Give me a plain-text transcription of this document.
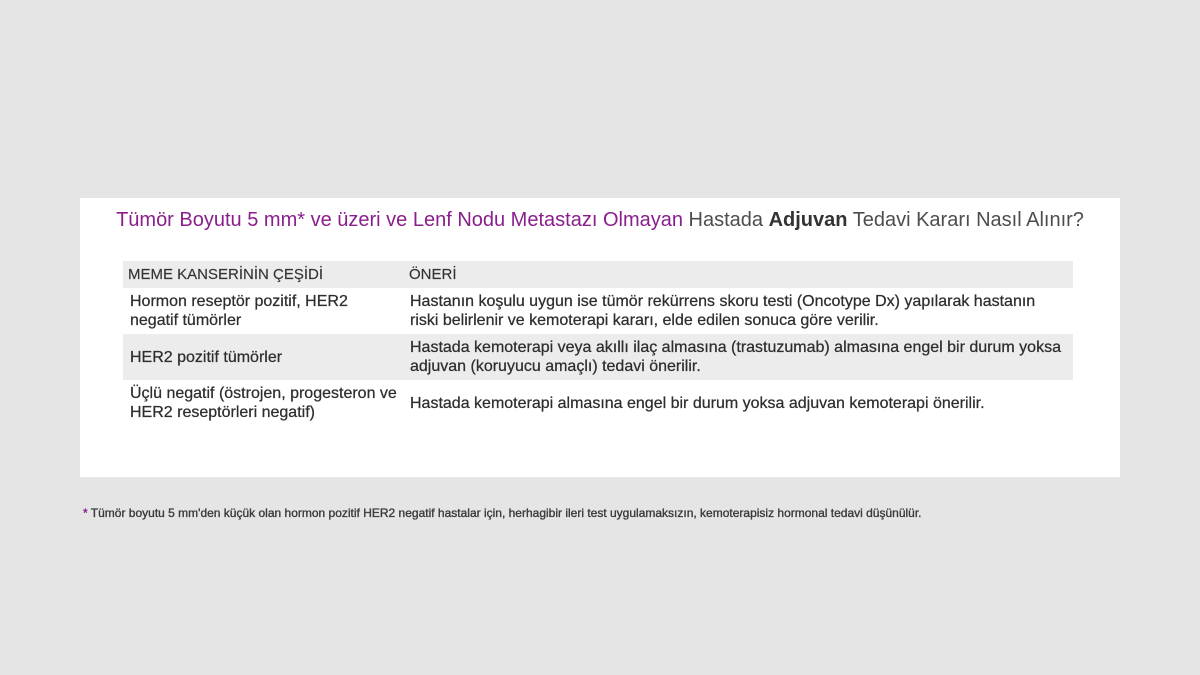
Tümör Boyutu 5 mm* ve üzeri ve Lenf Nodu Metastazı Olmayan Hastada Adjuvan Tedavi Kararı Nasıl Alınır?
MEME KANSERİNİN ÇEŞİDİ	ÖNERİ
Hormon reseptör pozitif, HER2
negatif tümörler
Hastanın koşulu uygun ise tümör rekürrens skoru testi (Oncotype Dx) yapılarak hastanın
riski belirlenir ve kemoterapi kararı, elde edilen sonuca göre verilir.
HER2 pozitif tümörler
Hastada kemoterapi veya akıllı ilaç almasına (trastuzumab) almasına engel bir durum yoksa
adjuvan (koruyucu amaçlı) tedavi önerilir.
Üçlü negatif (östrojen, progesteron ve
HER2 reseptörleri negatif)
Hastada kemoterapi almasına engel bir durum yoksa adjuvan kemoterapi önerilir.
* Tümör boyutu 5 mm'den küçük olan hormon pozitif HER2 negatif hastalar için, herhagibir ileri test uygulamaksızın, kemoterapisiz hormonal tedavi düşünülür.
